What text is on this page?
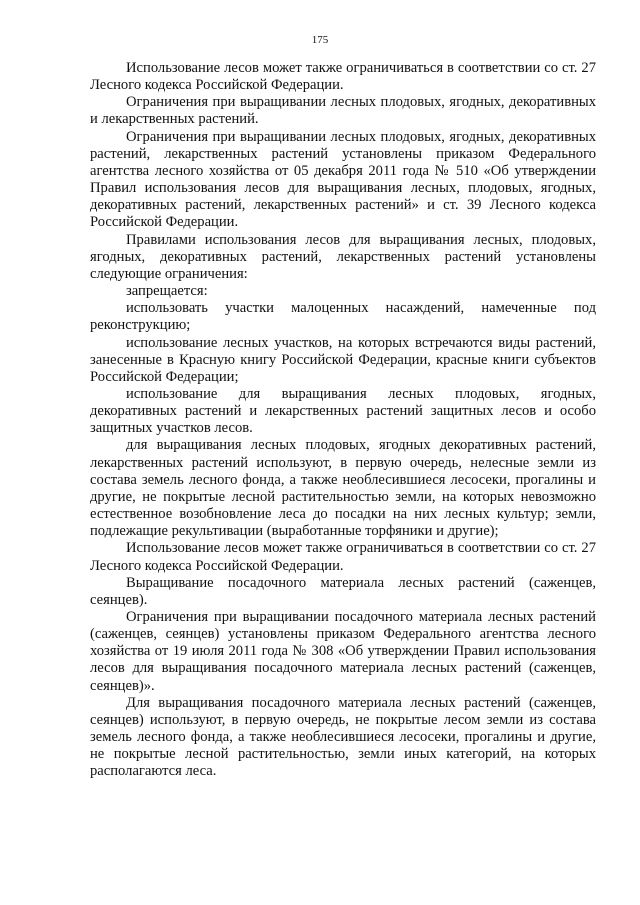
175

Использование лесов может также ограничиваться в соответствии со ст. 27 Лесного кодекса Российской Федерации.

Ограничения при выращивании лесных плодовых, ягодных, декоративных и лекарственных растений.

Ограничения при выращивании лесных плодовых, ягодных, декоративных растений, лекарственных растений установлены приказом Федерального агентства лесного хозяйства от 05 декабря 2011 года № 510 «Об утверждении Правил использования лесов для выращивания лесных, плодовых, ягодных, декоративных растений, лекарственных растений» и ст. 39 Лесного кодекса Российской Федерации.

Правилами использования лесов для выращивания лесных, плодовых, ягодных, декоративных растений, лекарственных растений установлены следующие ограничения:

запрещается:

использовать участки малоценных насаждений, намеченные под реконструкцию;

использование лесных участков, на которых встречаются виды растений, занесенные в Красную книгу Российской Федерации, красные книги субъектов Российской Федерации;

использование для выращивания лесных плодовых, ягодных, декоративных растений и лекарственных растений защитных лесов и особо защитных участков лесов.

для выращивания лесных плодовых, ягодных декоративных растений, лекарственных растений используют, в первую очередь, нелесные земли из состава земель лесного фонда, а также необлесившиеся лесосеки, прогалины и другие, не покрытые лесной растительностью земли, на которых невозможно естественное возобновление леса до посадки на них лесных культур; земли, подлежащие рекультивации (выработанные торфяники и другие);

Использование лесов может также ограничиваться в соответствии со ст. 27 Лесного кодекса Российской Федерации.

Выращивание посадочного материала лесных растений (саженцев, сеянцев).

Ограничения при выращивании посадочного материала лесных растений (саженцев, сеянцев) установлены приказом Федерального агентства лесного хозяйства от 19 июля 2011 года № 308 «Об утверждении Правил использования лесов для выращивания посадочного материала лесных растений (саженцев, сеянцев)».

Для выращивания посадочного материала лесных растений (саженцев, сеянцев) используют, в первую очередь, не покрытые лесом земли из состава земель лесного фонда, а также необлесившиеся лесосеки, прогалины и другие, не покрытые лесной растительностью, земли иных категорий, на которых располагаются леса.
